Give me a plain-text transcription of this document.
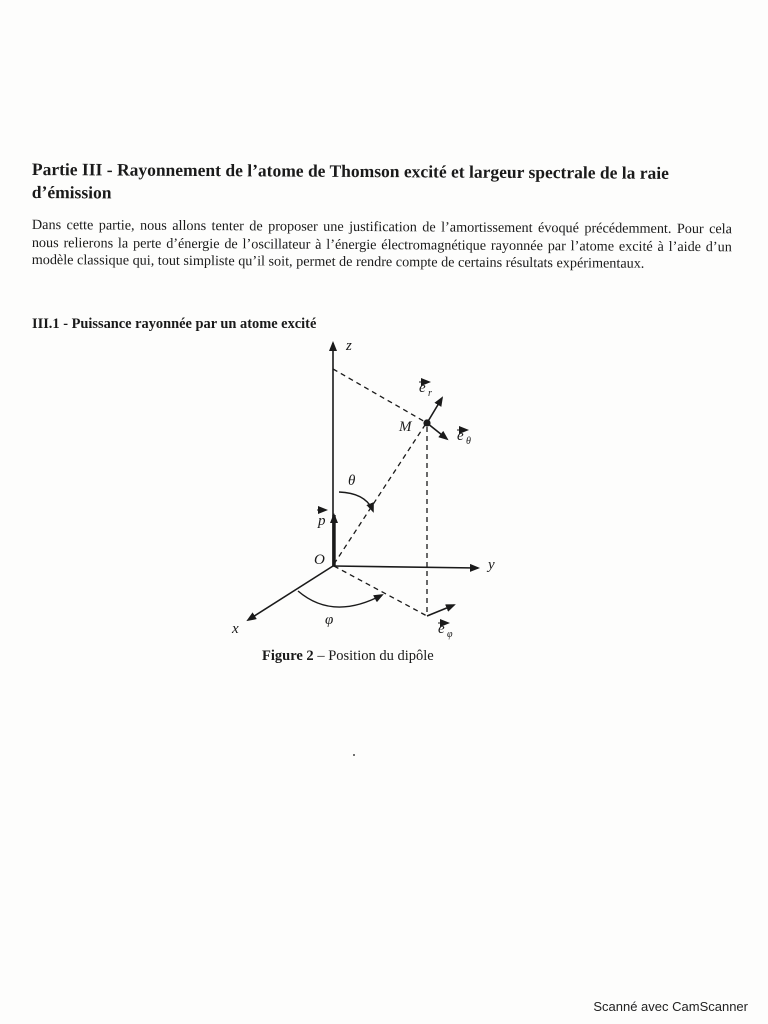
Partie III - Rayonnement de l’atome de Thomson excité et largeur spectrale de la raie d’émission

Dans cette partie, nous allons tenter de proposer une justification de l’amortissement évoqué précédemment. Pour cela nous relierons la perte d’énergie de l’oscillateur à l’énergie électromagnétique rayonnée par l’atome excité à l’aide d’un modèle classique qui, tout simpliste qu’il soit, permet de rendre compte de certains résultats expérimentaux.

III.1 - Puissance rayonnée par un atome excité
z
y
x
O
M
θ
φ
p
e r
e θ
e φ

Figure 2 – Position du dipôle

Scanné avec CamScanner
